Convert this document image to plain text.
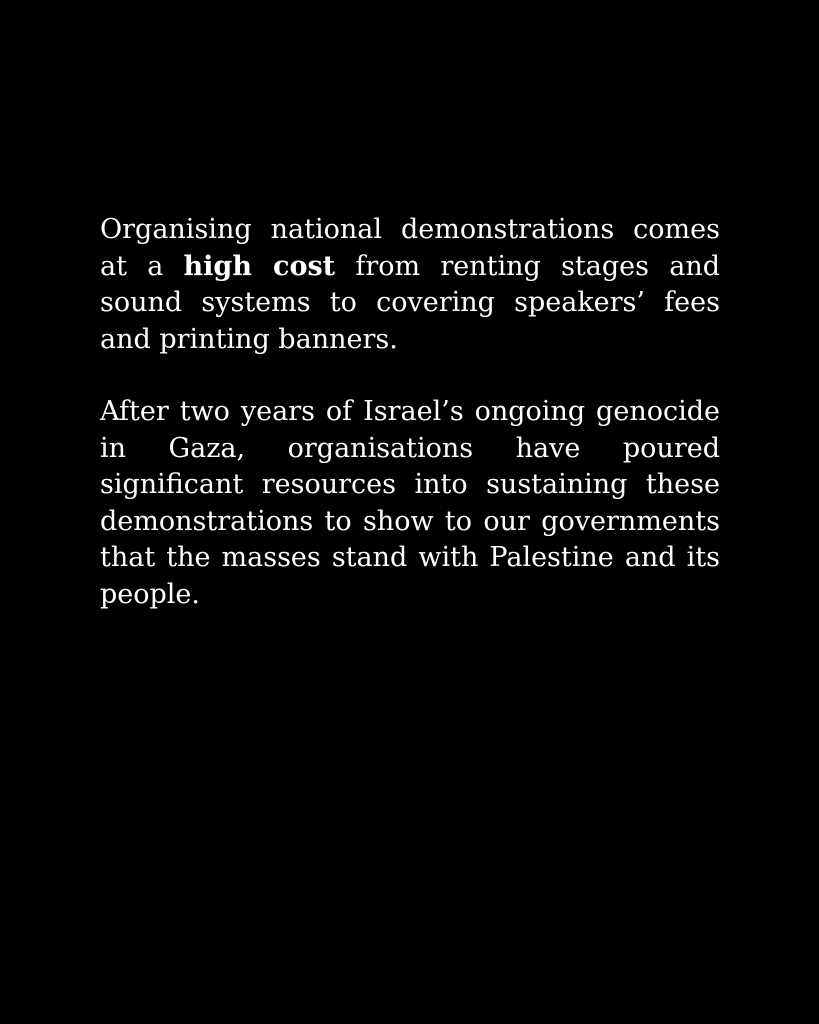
Organising national demonstrations comes at a high cost from renting stages and sound systems to covering speakers’ fees and printing banners.

After two years of Israel’s ongoing genocide in Gaza, organisations have poured significant resources into sustaining these demonstrations to show to our governments that the masses stand with Palestine and its people.
